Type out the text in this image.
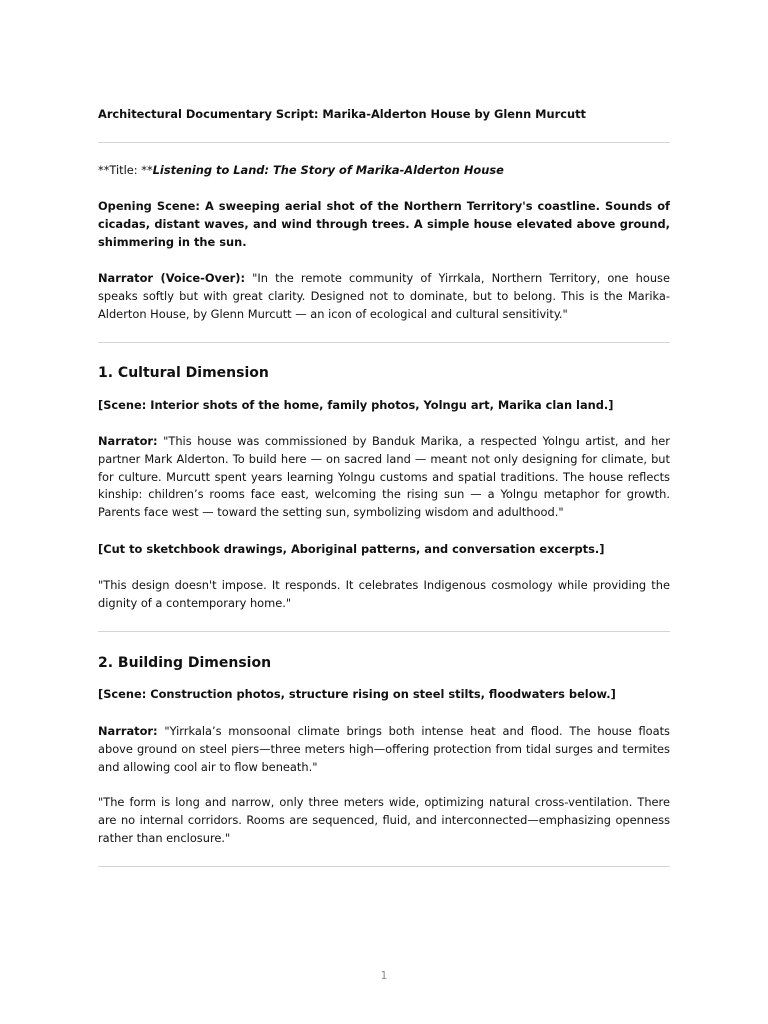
Architectural Documentary Script: Marika-Alderton House by Glenn Murcutt

**Title: **Listening to Land: The Story of Marika-Alderton House

Opening Scene: A sweeping aerial shot of the Northern Territory's coastline. Sounds of cicadas, distant waves, and wind through trees. A simple house elevated above ground, shimmering in the sun.

Narrator (Voice-Over): "In the remote community of Yirrkala, Northern Territory, one house speaks softly but with great clarity. Designed not to dominate, but to belong. This is the Marika-Alderton House, by Glenn Murcutt — an icon of ecological and cultural sensitivity."

1. Cultural Dimension

[Scene: Interior shots of the home, family photos, Yolngu art, Marika clan land.]

Narrator: "This house was commissioned by Banduk Marika, a respected Yolngu artist, and her partner Mark Alderton. To build here — on sacred land — meant not only designing for climate, but for culture. Murcutt spent years learning Yolngu customs and spatial traditions. The house reflects kinship: children’s rooms face east, welcoming the rising sun — a Yolngu metaphor for growth. Parents face west — toward the setting sun, symbolizing wisdom and adulthood."

[Cut to sketchbook drawings, Aboriginal patterns, and conversation excerpts.]

"This design doesn't impose. It responds. It celebrates Indigenous cosmology while providing the dignity of a contemporary home."

2. Building Dimension

[Scene: Construction photos, structure rising on steel stilts, floodwaters below.]

Narrator: "Yirrkala’s monsoonal climate brings both intense heat and flood. The house floats above ground on steel piers—three meters high—offering protection from tidal surges and termites and allowing cool air to flow beneath."

"The form is long and narrow, only three meters wide, optimizing natural cross-ventilation. There are no internal corridors. Rooms are sequenced, fluid, and interconnected—emphasizing openness rather than enclosure."

1
